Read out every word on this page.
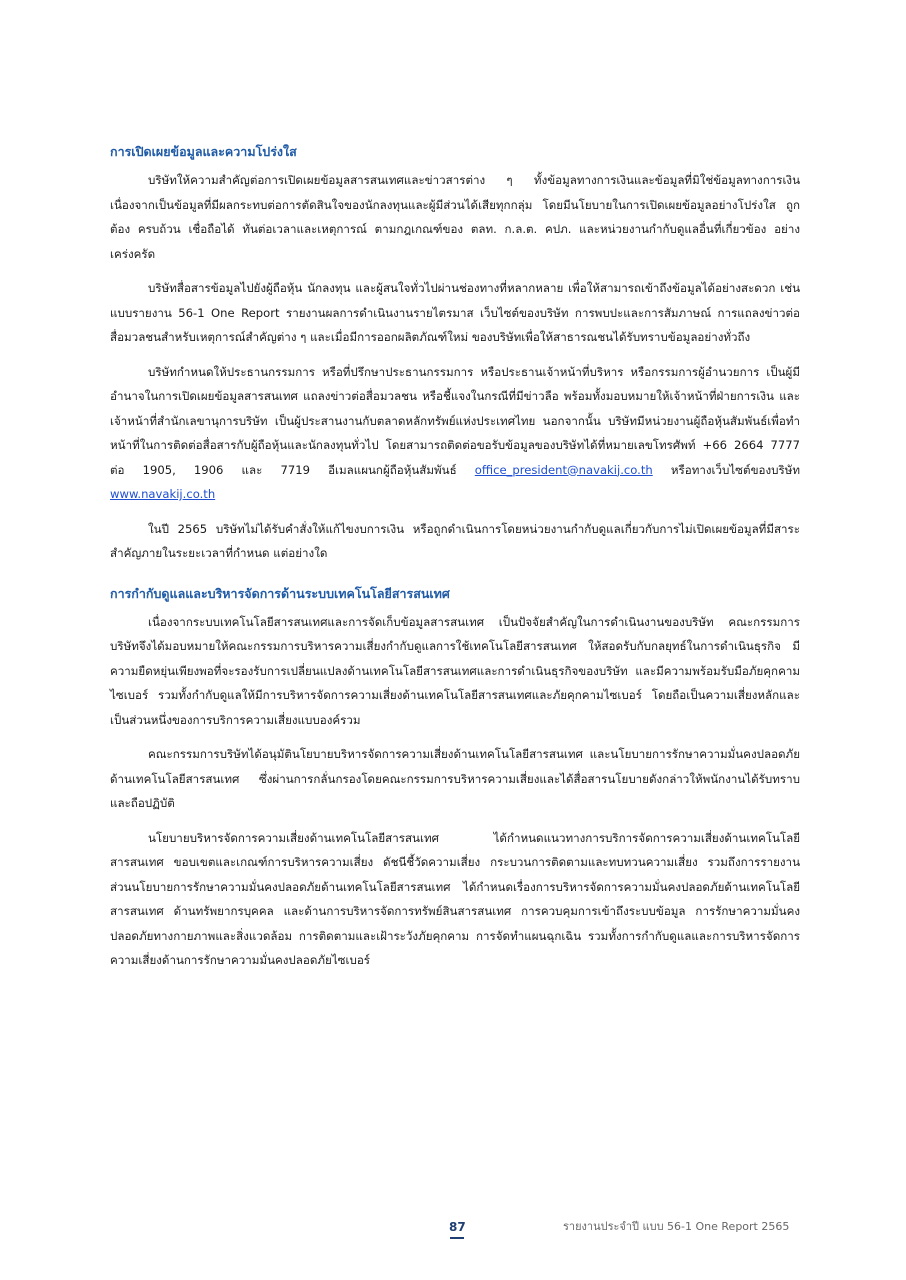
การเปิดเผยข้อมูลและความโปร่งใส

บริษัทให้ความสำคัญต่อการเปิดเผยข้อมูลสารสนเทศและข่าวสารต่าง ๆ ทั้งข้อมูลทางการเงินและข้อมูลที่มิใช่ข้อมูลทางการเงิน เนื่องจากเป็นข้อมูลที่มีผลกระทบต่อการตัดสินใจของนักลงทุนและผู้มีส่วนได้เสียทุกกลุ่ม โดยมีนโยบายในการเปิดเผยข้อมูลอย่างโปร่งใส ถูกต้อง ครบถ้วน เชื่อถือได้ ทันต่อเวลาและเหตุการณ์ ตามกฎเกณฑ์ของ ตลท. ก.ล.ต. คปภ. และหน่วยงานกำกับดูแลอื่นที่เกี่ยวข้อง อย่างเคร่งครัด

บริษัทสื่อสารข้อมูลไปยังผู้ถือหุ้น นักลงทุน และผู้สนใจทั่วไปผ่านช่องทางที่หลากหลาย เพื่อให้สามารถเข้าถึงข้อมูลได้อย่างสะดวก เช่น แบบรายงาน 56-1 One Report รายงานผลการดำเนินงานรายไตรมาส เว็บไซต์ของบริษัท การพบปะและการสัมภาษณ์ การแถลงข่าวต่อสื่อมวลชนสำหรับเหตุการณ์สำคัญต่าง ๆ และเมื่อมีการออกผลิตภัณฑ์ใหม่ ของบริษัทเพื่อให้สาธารณชนได้รับทราบข้อมูลอย่างทั่วถึง

บริษัทกำหนดให้ประธานกรรมการ หรือที่ปรึกษาประธานกรรมการ หรือประธานเจ้าหน้าที่บริหาร หรือกรรมการผู้อำนวยการ เป็นผู้มีอำนาจในการเปิดเผยข้อมูลสารสนเทศ แถลงข่าวต่อสื่อมวลชน หรือชี้แจงในกรณีที่มีข่าวลือ พร้อมทั้งมอบหมายให้เจ้าหน้าที่ฝ่ายการเงิน และเจ้าหน้าที่สำนักเลขานุการบริษัท เป็นผู้ประสานงานกับตลาดหลักทรัพย์แห่งประเทศไทย นอกจากนั้น บริษัทมีหน่วยงานผู้ถือหุ้นสัมพันธ์เพื่อทำหน้าที่ในการติดต่อสื่อสารกับผู้ถือหุ้นและนักลงทุนทั่วไป โดยสามารถติดต่อขอรับข้อมูลของบริษัทได้ที่หมายเลขโทรศัพท์ +66 2664 7777 ต่อ 1905, 1906 และ 7719 อีเมลแผนกผู้ถือหุ้นสัมพันธ์ office_president@navakij.co.th หรือทางเว็บไซต์ของบริษัท www.navakij.co.th

ในปี 2565 บริษัทไม่ได้รับคำสั่งให้แก้ไขงบการเงิน หรือถูกดำเนินการโดยหน่วยงานกำกับดูแลเกี่ยวกับการไม่เปิดเผยข้อมูลที่มีสาระสำคัญภายในระยะเวลาที่กำหนด แต่อย่างใด

การกำกับดูแลและบริหารจัดการด้านระบบเทคโนโลยีสารสนเทศ

เนื่องจากระบบเทคโนโลยีสารสนเทศและการจัดเก็บข้อมูลสารสนเทศ เป็นปัจจัยสำคัญในการดำเนินงานของบริษัท คณะกรรมการบริษัทจึงได้มอบหมายให้คณะกรรมการบริหารความเสี่ยงกำกับดูแลการใช้เทคโนโลยีสารสนเทศ ให้สอดรับกับกลยุทธ์ในการดำเนินธุรกิจ มีความยืดหยุ่นเพียงพอที่จะรองรับการเปลี่ยนแปลงด้านเทคโนโลยีสารสนเทศและการดำเนินธุรกิจของบริษัท และมีความพร้อมรับมือภัยคุกคามไซเบอร์ รวมทั้งกำกับดูแลให้มีการบริหารจัดการความเสี่ยงด้านเทคโนโลยีสารสนเทศและภัยคุกคามไซเบอร์ โดยถือเป็นความเสี่ยงหลักและเป็นส่วนหนึ่งของการบริการความเสี่ยงแบบองค์รวม

คณะกรรมการบริษัทได้อนุมัตินโยบายบริหารจัดการความเสี่ยงด้านเทคโนโลยีสารสนเทศ และนโยบายการรักษาความมั่นคงปลอดภัยด้านเทคโนโลยีสารสนเทศ ซึ่งผ่านการกลั่นกรองโดยคณะกรรมการบริหารความเสี่ยงและได้สื่อสารนโยบายดังกล่าวให้พนักงานได้รับทราบและถือปฏิบัติ

นโยบายบริหารจัดการความเสี่ยงด้านเทคโนโลยีสารสนเทศ ได้กำหนดแนวทางการบริการจัดการความเสี่ยงด้านเทคโนโลยีสารสนเทศ ขอบเขตและเกณฑ์การบริหารความเสี่ยง ดัชนีชี้วัดความเสี่ยง กระบวนการติดตามและทบทวนความเสี่ยง รวมถึงการรายงาน ส่วนนโยบายการรักษาความมั่นคงปลอดภัยด้านเทคโนโลยีสารสนเทศ ได้กำหนดเรื่องการบริหารจัดการความมั่นคงปลอดภัยด้านเทคโนโลยีสารสนเทศ ด้านทรัพยากรบุคคล และด้านการบริหารจัดการทรัพย์สินสารสนเทศ การควบคุมการเข้าถึงระบบข้อมูล การรักษาความมั่นคงปลอดภัยทางกายภาพและสิ่งแวดล้อม การติดตามและเฝ้าระวังภัยคุกคาม การจัดทำแผนฉุกเฉิน รวมทั้งการกำกับดูแลและการบริหารจัดการความเสี่ยงด้านการรักษาความมั่นคงปลอดภัยไซเบอร์

87	รายงานประจำปี แบบ 56-1 One Report 2565
